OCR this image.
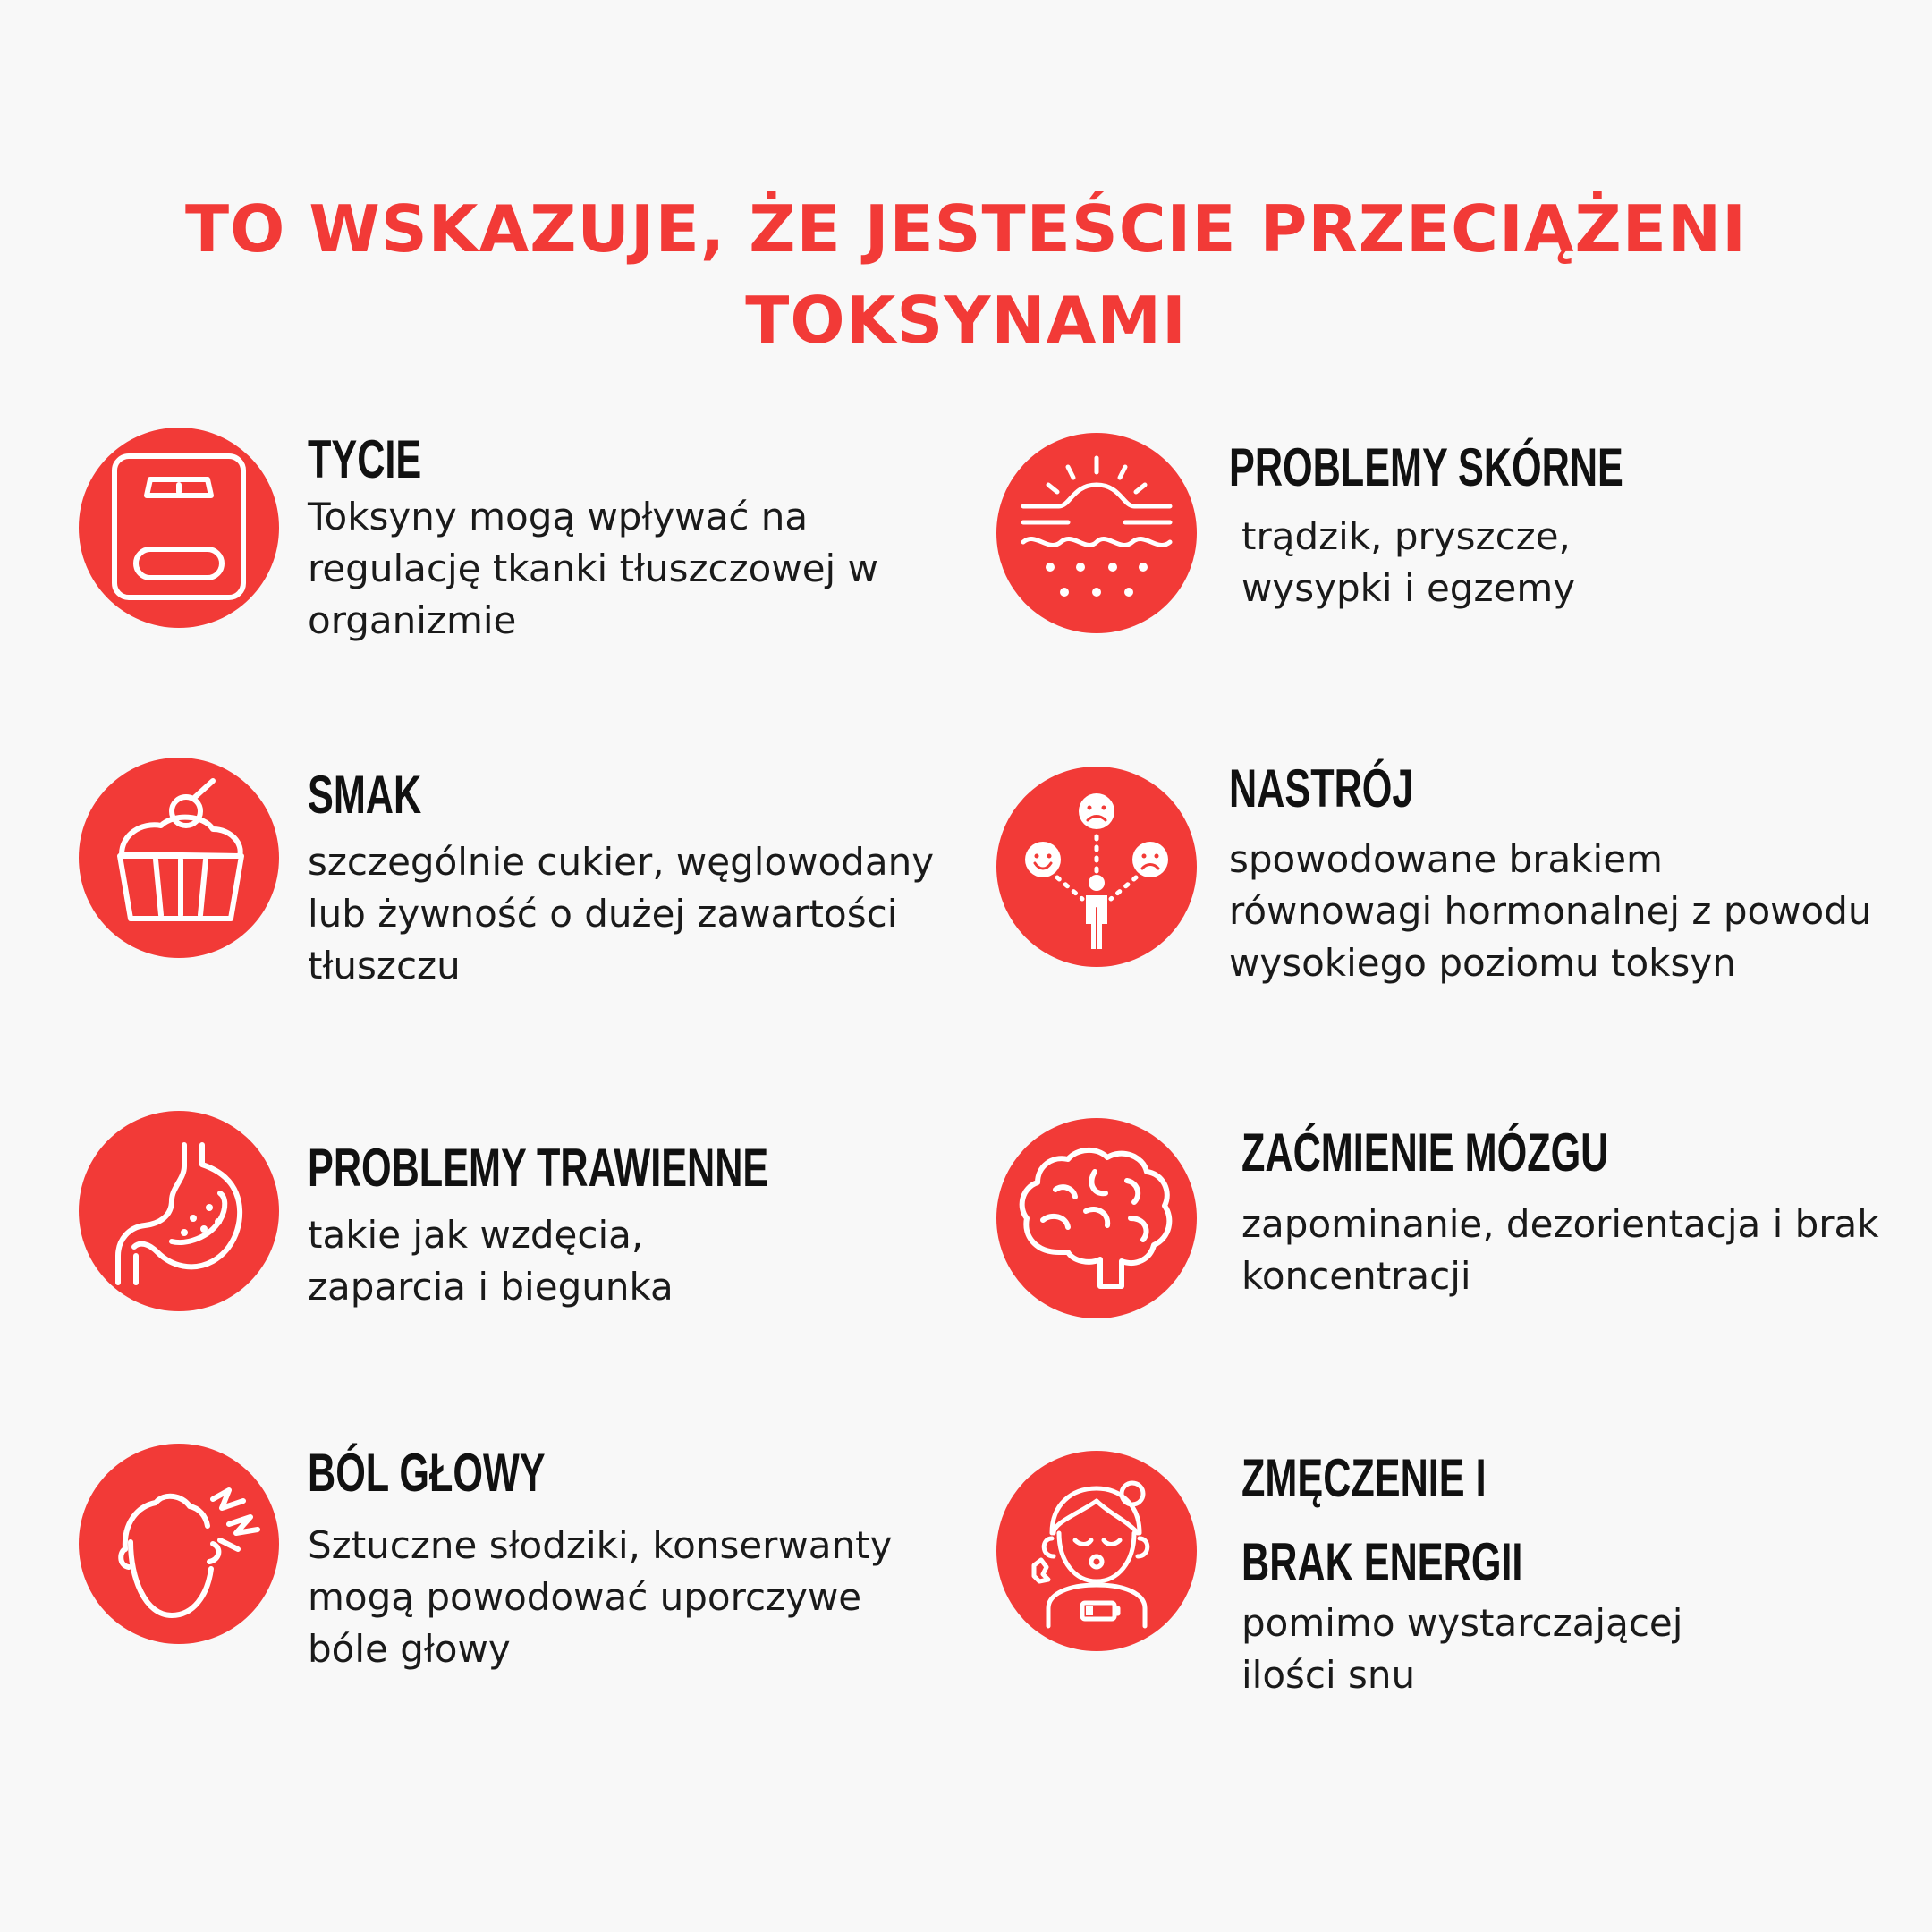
TO WSKAZUJE, ŻE JESTEŚCIE PRZECIĄŻENI
TOKSYNAMI
TYCIE

Toksyny mogą wpływać na regulację tkanki tłuszczowej w organizmie

PROBLEMY SKÓRNE

trądzik, pryszcze, wysypki i egzemy

SMAK

szczególnie cukier, węglowodany lub żywność o dużej zawartości tłuszczu

NASTRÓJ

spowodowane brakiem równowagi hormonalnej z powodu wysokiego poziomu toksyn

PROBLEMY TRAWIENNE

takie jak wzdęcia, zaparcia i biegunka

ZAĆMIENIE MÓZGU

zapominanie, dezorientacja i brak koncentracji

BÓL GŁOWY

Sztuczne słodziki, konserwanty mogą powodować uporczywe bóle głowy

ZMĘCZENIE I BRAK ENERGII

pomimo wystarczającej ilości snu
